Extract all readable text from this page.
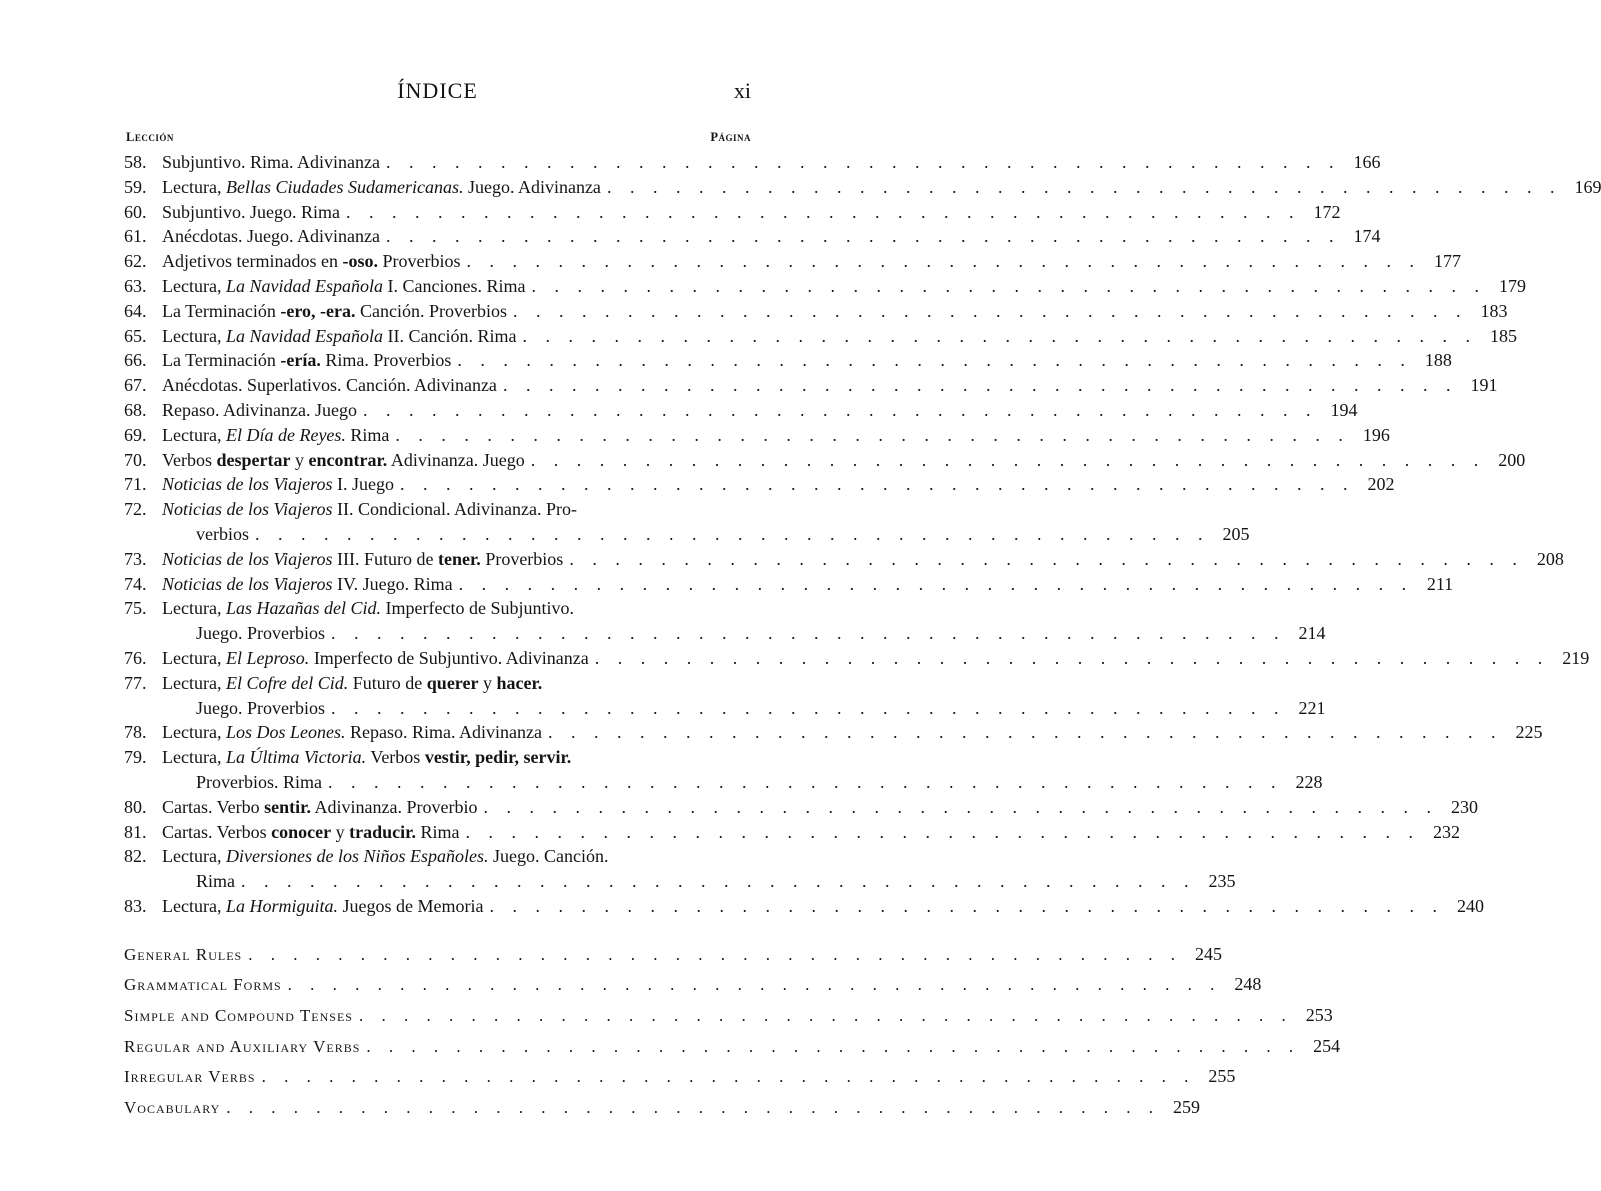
ÍNDICE	xi
Lección	Página
58. Subjuntivo. Rima. Adivinanza . . . . . . . . . . . . . . . . . . . . . . . . . . . . . . . . . . . . . . . . . . 166
59. Lectura, Bellas Ciudades Sudamericanas. Juego. Adivinanza . . . . . . . . . . . . . . . . . . . . . . . . . . . . . . . . . . . . . . . . . . 169
60. Subjuntivo. Juego. Rima . . . . . . . . . . . . . . . . . . . . . . . . . . . . . . . . . . . . . . . . . . 172
61. Anécdotas. Juego. Adivinanza . . . . . . . . . . . . . . . . . . . . . . . . . . . . . . . . . . . . . . . . . . 174
62. Adjetivos terminados en -oso. Proverbios . . . . . . . . . . . . . . . . . . . . . . . . . . . . . . . . . . . . . . . . . . 177
63. Lectura, La Navidad Española I. Canciones. Rima . . . . . . . . . . . . . . . . . . . . . . . . . . . . . . . . . . . . . . . . . . 179
64. La Terminación -ero, -era. Canción. Proverbios . . . . . . . . . . . . . . . . . . . . . . . . . . . . . . . . . . . . . . . . . . 183
65. Lectura, La Navidad Española II. Canción. Rima . . . . . . . . . . . . . . . . . . . . . . . . . . . . . . . . . . . . . . . . . . 185
66. La Terminación -ería. Rima. Proverbios . . . . . . . . . . . . . . . . . . . . . . . . . . . . . . . . . . . . . . . . . . 188
67. Anécdotas. Superlativos. Canción. Adivinanza . . . . . . . . . . . . . . . . . . . . . . . . . . . . . . . . . . . . . . . . . . 191
68. Repaso. Adivinanza. Juego . . . . . . . . . . . . . . . . . . . . . . . . . . . . . . . . . . . . . . . . . . 194
69. Lectura, El Día de Reyes. Rima . . . . . . . . . . . . . . . . . . . . . . . . . . . . . . . . . . . . . . . . . . 196
70. Verbos despertar y encontrar. Adivinanza. Juego . . . . . . . . . . . . . . . . . . . . . . . . . . . . . . . . . . . . . . . . . . 200
71. Noticias de los Viajeros I. Juego . . . . . . . . . . . . . . . . . . . . . . . . . . . . . . . . . . . . . . . . . . 202
72. Noticias de los Viajeros II. Condicional. Adivinanza. Pro-
verbios . . . . . . . . . . . . . . . . . . . . . . . . . . . . . . . . . . . . . . . . . . 205
73. Noticias de los Viajeros III. Futuro de tener. Proverbios . . . . . . . . . . . . . . . . . . . . . . . . . . . . . . . . . . . . . . . . . . 208
74. Noticias de los Viajeros IV. Juego. Rima . . . . . . . . . . . . . . . . . . . . . . . . . . . . . . . . . . . . . . . . . . 211
75. Lectura, Las Hazañas del Cid. Imperfecto de Subjuntivo.
Juego. Proverbios . . . . . . . . . . . . . . . . . . . . . . . . . . . . . . . . . . . . . . . . . . 214
76. Lectura, El Leproso. Imperfecto de Subjuntivo. Adivinanza . . . . . . . . . . . . . . . . . . . . . . . . . . . . . . . . . . . . . . . . . . 219
77. Lectura, El Cofre del Cid. Futuro de querer y hacer.
Juego. Proverbios . . . . . . . . . . . . . . . . . . . . . . . . . . . . . . . . . . . . . . . . . . 221
78. Lectura, Los Dos Leones. Repaso. Rima. Adivinanza . . . . . . . . . . . . . . . . . . . . . . . . . . . . . . . . . . . . . . . . . . 225
79. Lectura, La Última Victoria. Verbos vestir, pedir, servir.
Proverbios. Rima . . . . . . . . . . . . . . . . . . . . . . . . . . . . . . . . . . . . . . . . . . 228
80. Cartas. Verbo sentir. Adivinanza. Proverbio . . . . . . . . . . . . . . . . . . . . . . . . . . . . . . . . . . . . . . . . . . 230
81. Cartas. Verbos conocer y traducir. Rima . . . . . . . . . . . . . . . . . . . . . . . . . . . . . . . . . . . . . . . . . . 232
82. Lectura, Diversiones de los Niños Españoles. Juego. Canción.
Rima . . . . . . . . . . . . . . . . . . . . . . . . . . . . . . . . . . . . . . . . . . 235
83. Lectura, La Hormiguita. Juegos de Memoria . . . . . . . . . . . . . . . . . . . . . . . . . . . . . . . . . . . . . . . . . . 240
General Rules . . . . . . . . . . . . . . . . . . . . . . . . . . . . . . . . . . . . . . . . . . 245
Grammatical Forms . . . . . . . . . . . . . . . . . . . . . . . . . . . . . . . . . . . . . . . . . . 248
Simple and Compound Tenses . . . . . . . . . . . . . . . . . . . . . . . . . . . . . . . . . . . . . . . . . . 253
Regular and Auxiliary Verbs . . . . . . . . . . . . . . . . . . . . . . . . . . . . . . . . . . . . . . . . . . 254
Irregular Verbs . . . . . . . . . . . . . . . . . . . . . . . . . . . . . . . . . . . . . . . . . . 255
Vocabulary . . . . . . . . . . . . . . . . . . . . . . . . . . . . . . . . . . . . . . . . . . 259
